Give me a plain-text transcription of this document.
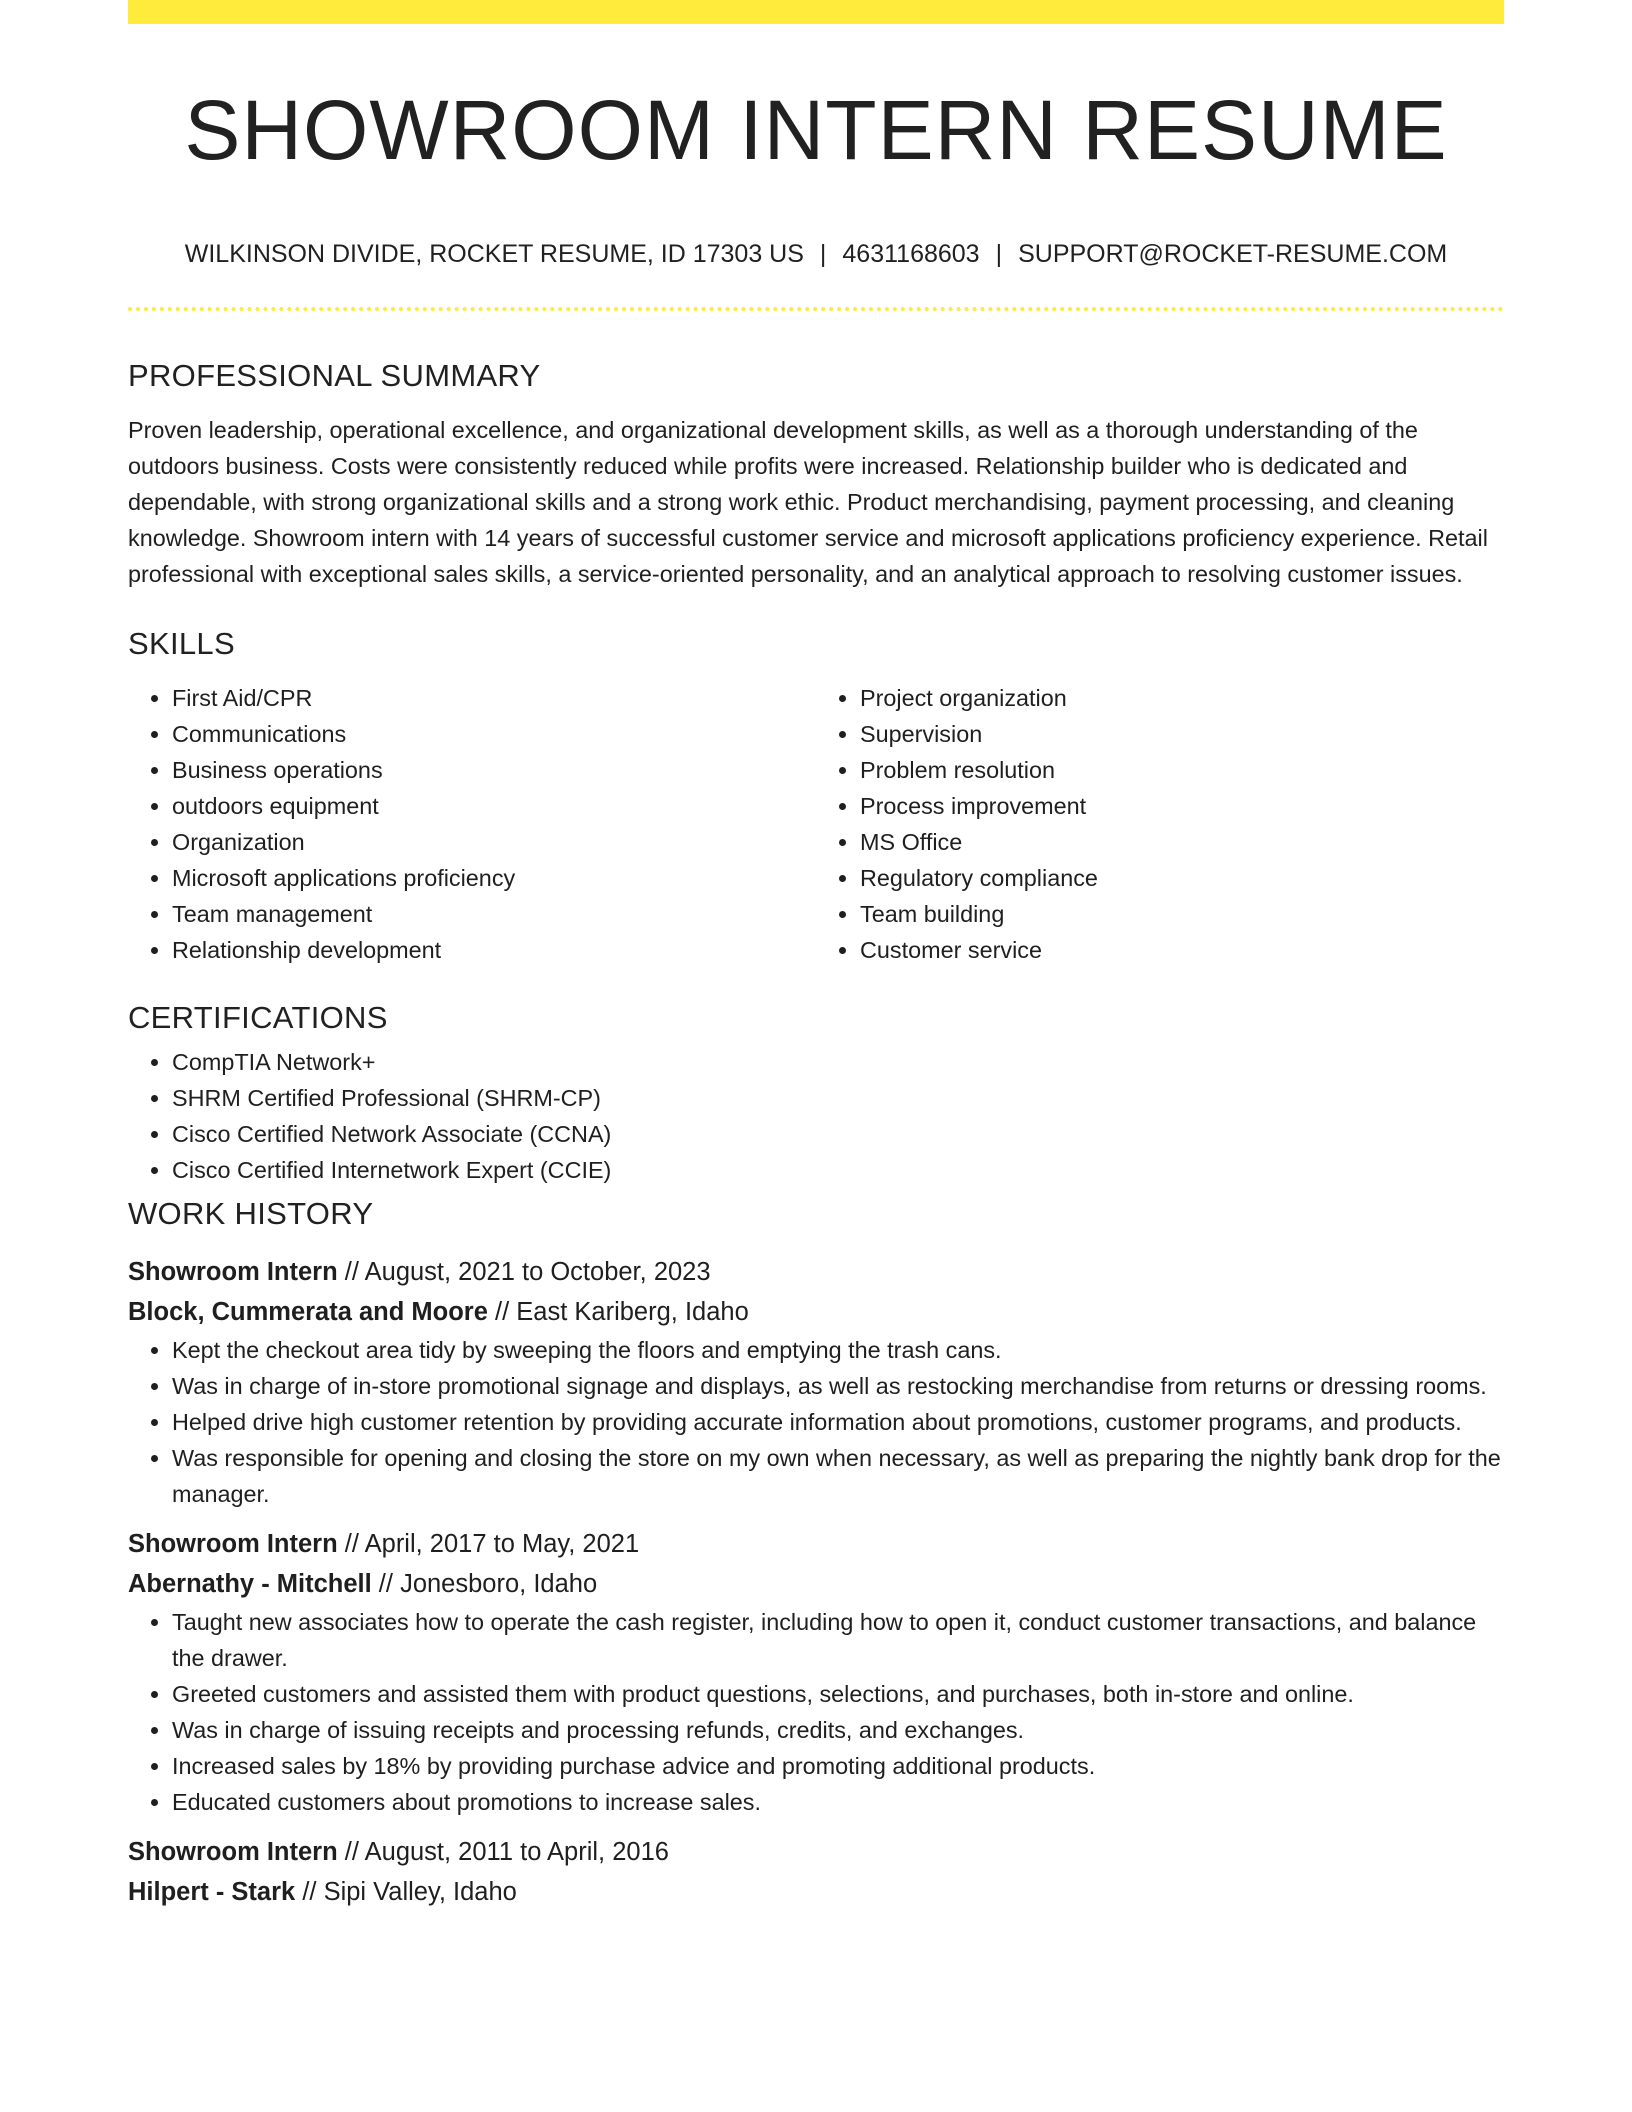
SHOWROOM INTERN RESUME
WILKINSON DIVIDE, ROCKET RESUME, ID 17303 US | 4631168603 | SUPPORT@ROCKET-RESUME.COM
PROFESSIONAL SUMMARY

Proven leadership, operational excellence, and organizational development skills, as well as a thorough understanding of the outdoors business. Costs were consistently reduced while profits were increased. Relationship builder who is dedicated and dependable, with strong organizational skills and a strong work ethic. Product merchandising, payment processing, and cleaning knowledge. Showroom intern with 14 years of successful customer service and microsoft applications proficiency experience. Retail professional with exceptional sales skills, a service-oriented personality, and an analytical approach to resolving customer issues.

SKILLS
• First Aid/CPR
• Communications
• Business operations
• outdoors equipment
• Organization
• Microsoft applications proficiency
• Team management
• Relationship development
• Project organization
• Supervision
• Problem resolution
• Process improvement
• MS Office
• Regulatory compliance
• Team building
• Customer service
CERTIFICATIONS
• CompTIA Network+
• SHRM Certified Professional (SHRM-CP)
• Cisco Certified Network Associate (CCNA)
• Cisco Certified Internetwork Expert (CCIE)
WORK HISTORY
Showroom Intern // August, 2021 to October, 2023
Block, Cummerata and Moore // East Kariberg, Idaho
• Kept the checkout area tidy by sweeping the floors and emptying the trash cans.
• Was in charge of in-store promotional signage and displays, as well as restocking merchandise from returns or dressing rooms.
• Helped drive high customer retention by providing accurate information about promotions, customer programs, and products.
• Was responsible for opening and closing the store on my own when necessary, as well as preparing the nightly bank drop for the manager.
Showroom Intern // April, 2017 to May, 2021
Abernathy - Mitchell // Jonesboro, Idaho
• Taught new associates how to operate the cash register, including how to open it, conduct customer transactions, and balance the drawer.
• Greeted customers and assisted them with product questions, selections, and purchases, both in-store and online.
• Was in charge of issuing receipts and processing refunds, credits, and exchanges.
• Increased sales by 18% by providing purchase advice and promoting additional products.
• Educated customers about promotions to increase sales.
Showroom Intern // August, 2011 to April, 2016
Hilpert - Stark // Sipi Valley, Idaho
